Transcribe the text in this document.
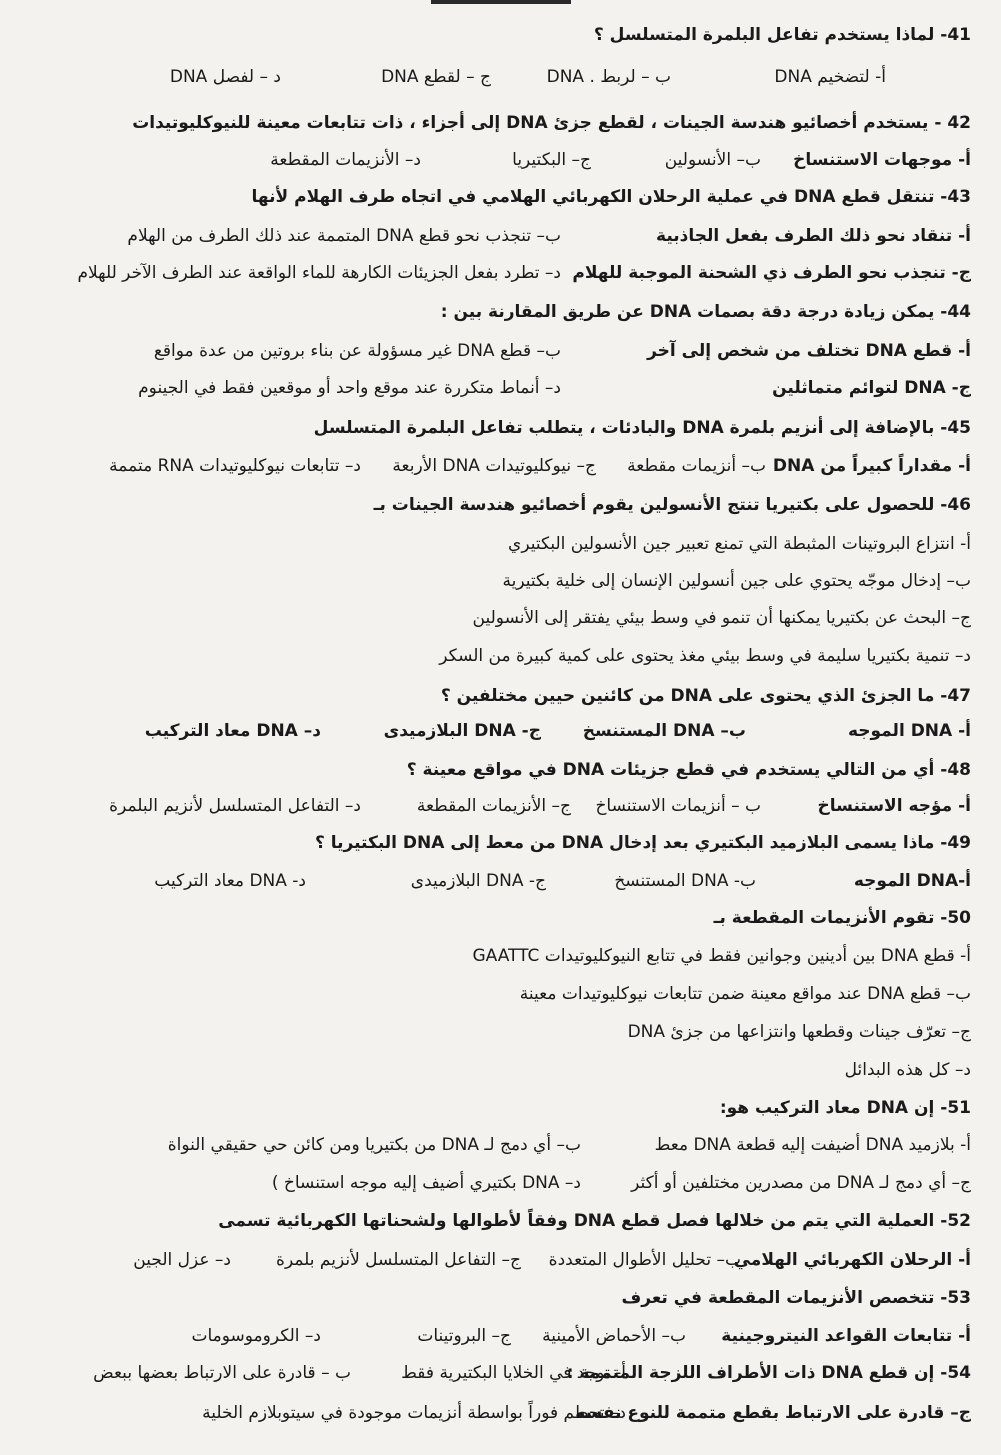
41- لماذا يستخدم تفاعل البلمرة المتسلسل ؟
أ- لتضخيم DNA
ب – لربط . DNA
ج – لقطع DNA
د – لفصل DNA
42 - يستخدم أخصائيو هندسة الجينات ، لقطع جزئ DNA إلى أجزاء ، ذات تتابعات معينة للنيوكليوتيدات
أ- موجهات الاستنساخ
ب– الأنسولين
ج– البكتيريا
د– الأنزيمات المقطعة
43- تنتقل قطع DNA في عملية الرحلان الكهربائي الهلامي في اتجاه طرف الهلام لأنها
أ- تنقاد نحو ذلك الطرف بفعل الجاذبية
ب– تنجذب نحو قطع DNA المتممة عند ذلك الطرف من الهلام
ج- تنجذب نحو الطرف ذي الشحنة الموجبة للهلام
د– تطرد بفعل الجزيئات الكارهة للماء الواقعة عند الطرف الآخر للهلام
44- يمكن زيادة درجة دقة بصمات DNA عن طريق المقارنة بين :
أ- قطع DNA تختلف من شخص إلى آخر
ب– قطع DNA غير مسؤولة عن بناء بروتين من عدة مواقع
ج- DNA لتوائم متماثلين
د– أنماط متكررة عند موقع واحد أو موقعين فقط في الجينوم
45- بالإضافة إلى أنزيم بلمرة DNA والبادئات ، يتطلب تفاعل البلمرة المتسلسل
أ- مقداراً كبيراً من DNA
ب– أنزيمات مقطعة
ج– نيوكليوتيدات DNA الأربعة
د– تتابعات نيوكليوتيدات RNA متممة
46- للحصول على بكتيريا تنتج الأنسولين يقوم أخصائيو هندسة الجينات بـ
أ- انتزاع البروتينات المثبطة التي تمنع تعبير جين الأنسولين البكتيري
ب– إدخال موجّه يحتوي على جين أنسولين الإنسان إلى خلية بكتيرية
ج– البحث عن بكتيريا يمكنها أن تنمو في وسط بيئي يفتقر إلى الأنسولين
د– تنمية بكتيريا سليمة في وسط بيئي مغذ يحتوى على كمية كبيرة من السكر
47- ما الجزئ الذي يحتوى على DNA من كائنين حيين مختلفين ؟
أ- DNA الموجه
ب– DNA المستنسخ
ج- DNA البلازميدى
د– DNA معاد التركيب
48- أي من التالي يستخدم في قطع جزيئات DNA في مواقع معينة ؟
أ- مؤجه الاستنساخ
ب – أنزيمات الاستنساخ
ج– الأنزيمات المقطعة
د– التفاعل المتسلسل لأنزيم البلمرة
49- ماذا يسمى البلازميد البكتيري بعد إدخال DNA من معط إلى DNA البكتيريا ؟
أ-DNA الموجه
ب- DNA المستنسخ
ج- DNA البلازميدى
د- DNA معاد التركيب
50- تقوم الأنزيمات المقطعة بـ
أ- قطع DNA بين أدينين وجوانين فقط في تتابع النيوكليوتيدات GAATTC
ب– قطع DNA عند مواقع معينة ضمن تتابعات نيوكليوتيدات معينة
ج– تعرّف جينات وقطعها وانتزاعها من جزئ DNA
د– كل هذه البدائل
51- إن DNA معاد التركيب هو:
أ- بلازميد DNA أضيفت إليه قطعة DNA معط
ب– أي دمج لـ DNA من بكتيريا ومن كائن حي حقيقي النواة
ج– أي دمج لـ DNA من مصدرين مختلفين أو أكثر
د– DNA بكتيري أضيف إليه موجه استنساخ )
52- العملية التي يتم من خلالها فصل قطع DNA وفقاً لأطوالها ولشحناتها الكهربائية تسمى
أ- الرحلان الكهربائي الهلامي
ب– تحليل الأطوال المتعددة
ج– التفاعل المتسلسل لأنزيم بلمرة
د– عزل الجين
53- تتخصص الأنزيمات المقطعة في تعرف
أ- تتابعات القواعد النيتروجينية
ب– الأحماض الأمينية
ج– البروتينات
د– الكروموسومات
54- إن قطع DNA ذات الأطراف اللزجة المتممة :
أ- توجد في الخلايا البكتيرية فقط
ب – قادرة على الارتباط بعضها ببعض
ج– قادرة على الارتباط بقطع متممة للنوع نفسه
د– تحطم فوراً بواسطة أنزيمات موجودة في سيتوبلازم الخلية
